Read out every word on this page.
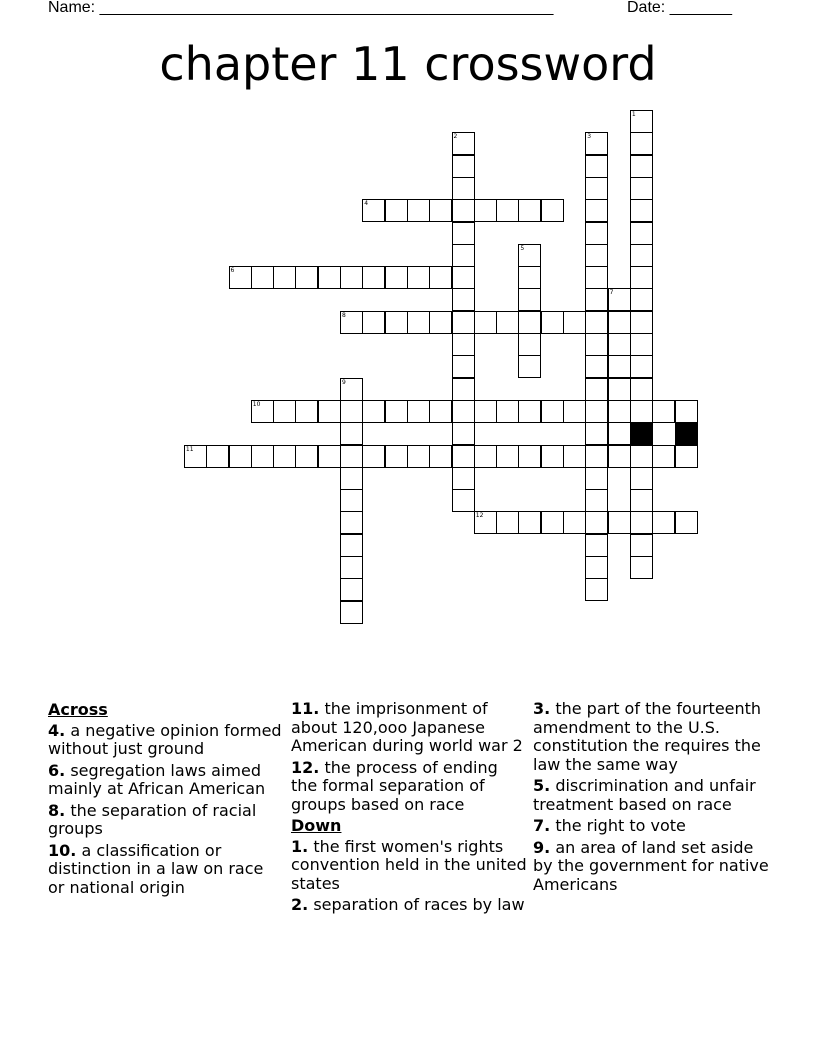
Name: ___________________________________________________	Date: _______
chapter 11 crossword
1
2	3
4
5
6
7
8
9
10
11
12
Across
4. a negative opinion formed without just ground
6. segregation laws aimed mainly at African American
8. the separation of racial groups
10. a classification or distinction in a law on race or national origin
11. the imprisonment of about 120,ooo Japanese American during world war 2
12. the process of ending the formal separation of groups based on race
Down
1. the first women's rights convention held in the united states
2. separation of races by law
3. the part of the fourteenth amendment to the U.S. constitution the requires the law the same way
5. discrimination and unfair treatment based on race
7. the right to vote
9. an area of land set aside by the government for native Americans
